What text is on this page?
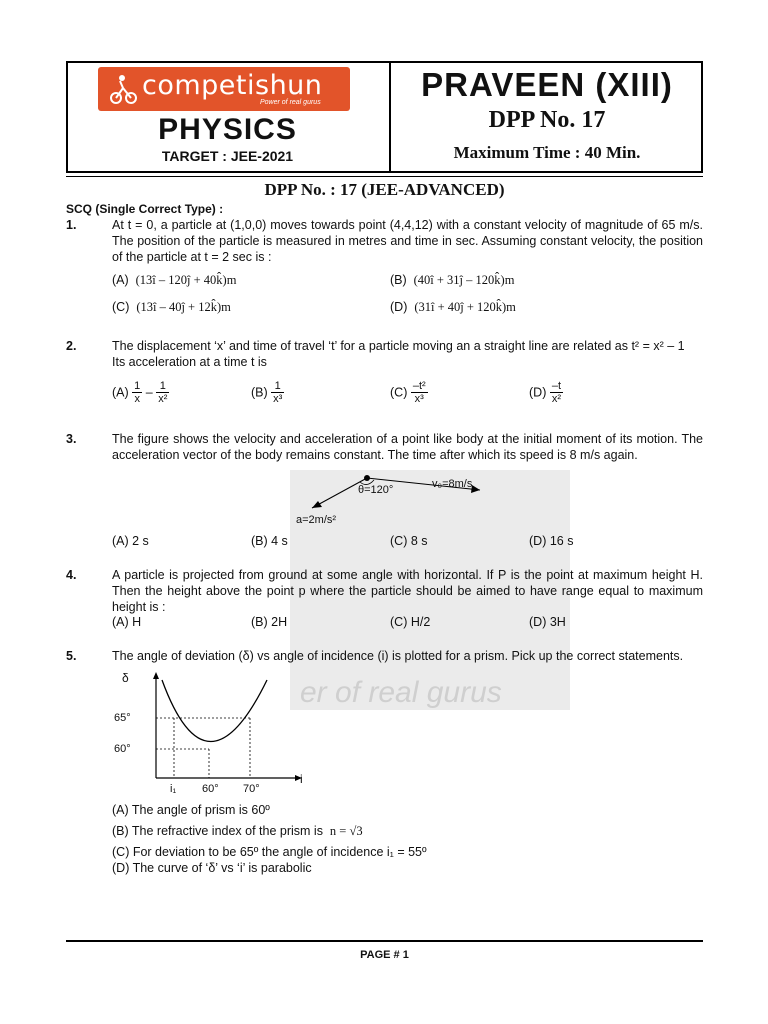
er of real gurus
competishun
Power of real gurus
PHYSICS
TARGET : JEE-2021
PRAVEEN (XIII)
DPP No. 17
Maximum Time : 40 Min.
DPP No. : 17 (JEE-ADVANCED)
SCQ (Single Correct Type) :
1.	At t = 0, a particle at (1,0,0) moves towards point (4,4,12) with a constant velocity of magnitude of 65 m/s. The position of the particle is measured in metres and time in sec. Assuming constant velocity, the position of the particle at t = 2 sec is :
(A) (13î – 120ĵ + 40k̂)m	(B) (40î + 31ĵ – 120k̂)m
(C) (13î – 40ĵ + 12k̂)m	(D) (31î + 40ĵ + 120k̂)m
2.	The displacement ‘x’ and time of travel ‘t’ for a particle moving an a straight line are related as t² = x² – 1
Its acceleration at a time t is
$(A) \frac{1}{x} - \frac{1}{\text{x²}}$	$(B) \frac{1}{\text{x³}}$	$(C) \frac{\text{–t²}}{\text{x³}}$	$(D) \frac{-t}{\text{x²}}$
3.	The figure shows the velocity and acceleration of a point like body at the initial moment of its motion. The acceleration vector of the body remains constant. The time after which its speed is 8 m/s again.
v₀=8m/s
θ=120°
a=2m/s²
(A) 2 s	(B) 4 s	(C) 8 s	(D) 16 s
4.	A particle is projected from ground at some angle with horizontal. If P is the point at maximum height H. Then the height above the point p where the particle should be aimed to have range equal to maximum height is :
(A) H	(B) 2H	(C) H/2	(D) 3H
5.	The angle of deviation (δ) vs angle of incidence (i) is plotted for a prism. Pick up the correct statements.
δ
i
65°
60°
i₁ 60° 70°
(A) The angle of prism is 60º
(B) The refractive index of the prism is n = √3
(C) For deviation to be 65º the angle of incidence i₁ = 55º
(D) The curve of ‘δ’ vs ‘i’ is parabolic
PAGE # 1
